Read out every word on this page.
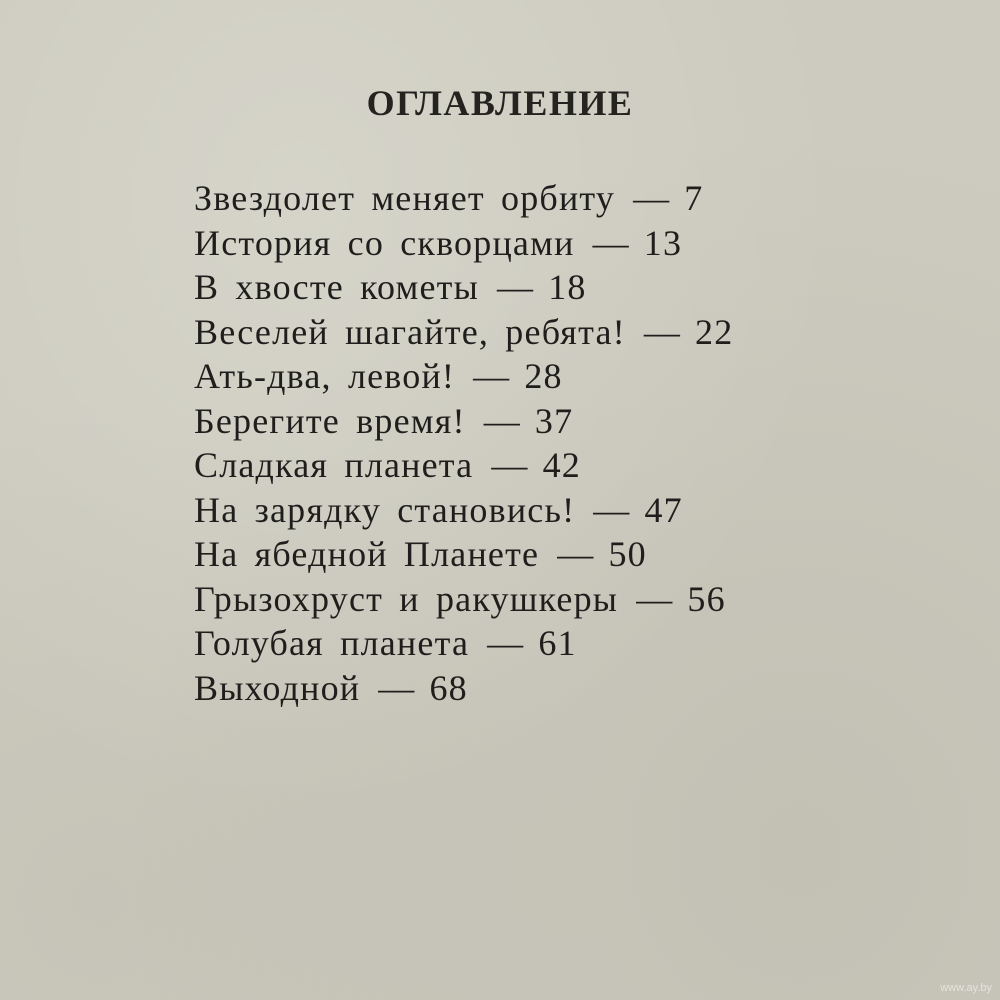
ОГЛАВЛЕНИЕ
Звездолет меняет орбиту — 7
История со скворцами — 13
В хвосте кометы — 18
Веселей шагайте, ребята! — 22
Ать-два, левой! — 28
Берегите время! — 37
Сладкая планета — 42
На зарядку становись! — 47
На ябедной Планете — 50
Грызохруст и ракушкеры — 56
Голубая планета — 61
Выходной — 68
www.ay.by
